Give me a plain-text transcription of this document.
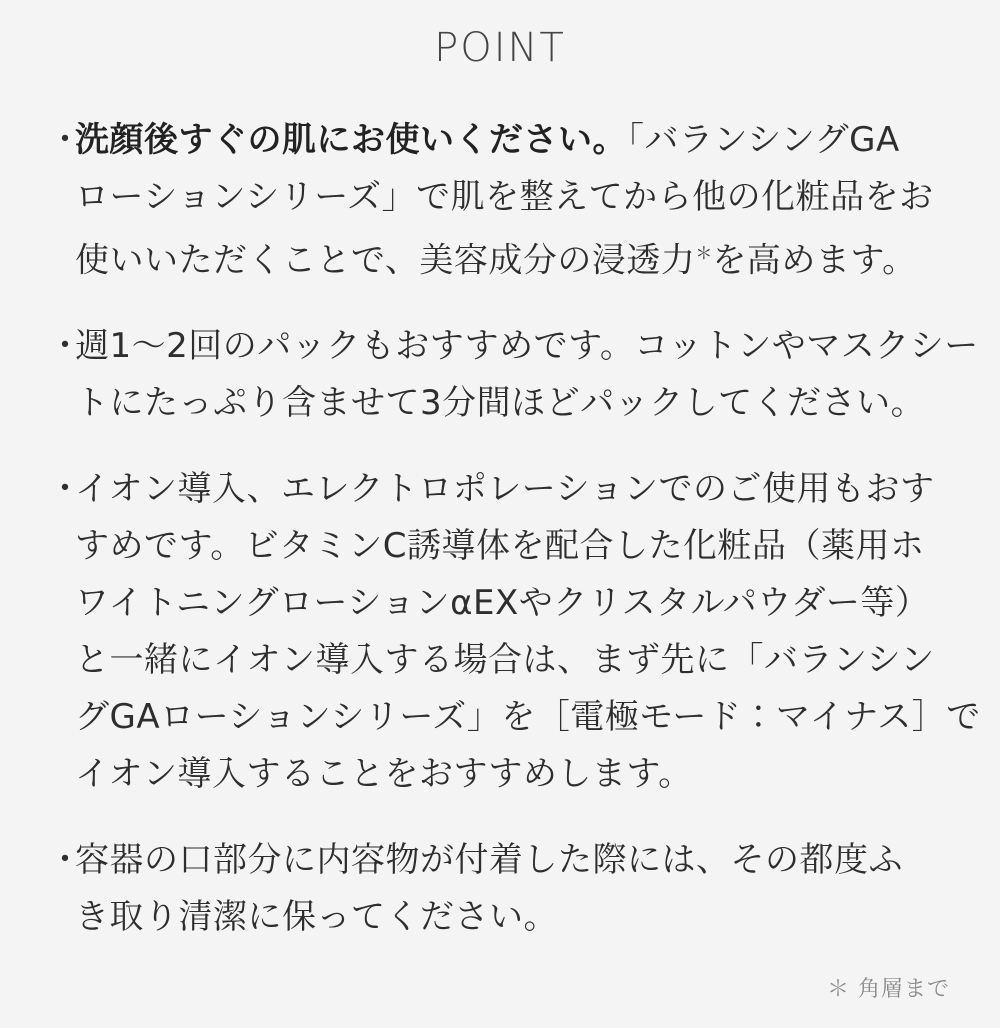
POINT

・洗顔後すぐの肌にお使いください。「バランシングGA
ローションシリーズ」で肌を整えてから他の化粧品をお
使いいただくことで、美容成分の浸透力＊を高めます。

・週1〜2回のパックもおすすめです。コットンやマスクシー
トにたっぷり含ませて3分間ほどパックしてください。

・イオン導入、エレクトロポレーションでのご使用もおす
すめです。ビタミンC誘導体を配合した化粧品（薬用ホ
ワイトニングローションαEXやクリスタルパウダー等）
と一緒にイオン導入する場合は、まず先に「バランシン
グGAローションシリーズ」を［電極モード：マイナス］で
イオン導入することをおすすめします。

・容器の口部分に内容物が付着した際には、その都度ふ
き取り清潔に保ってください。

＊ 角層まで
